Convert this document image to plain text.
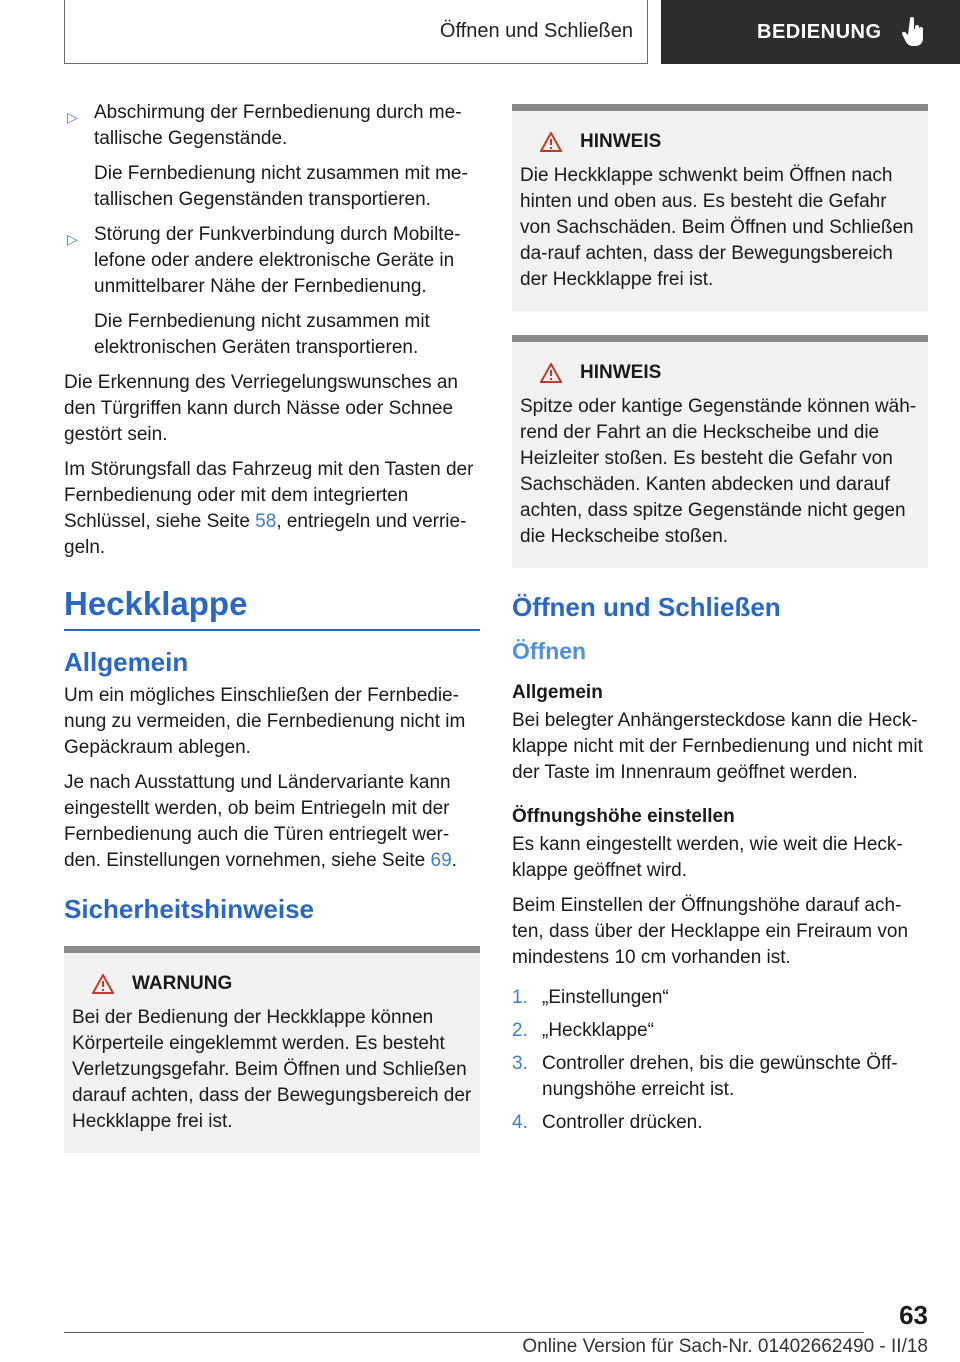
Öffnen und Schließen	BEDIENUNG
▷ Abschirmung der Fernbedienung durch me-tallische Gegenstände.

Die Fernbedienung nicht zusammen mit me-tallischen Gegenständen transportieren.

▷ Störung der Funkverbindung durch Mobilte-lefone oder andere elektronische Geräte in unmittelbarer Nähe der Fernbedienung.

Die Fernbedienung nicht zusammen mit elektronischen Geräten transportieren.

Die Erkennung des Verriegelungswunsches an den Türgriffen kann durch Nässe oder Schnee gestört sein.

Im Störungsfall das Fahrzeug mit den Tasten der Fernbedienung oder mit dem integrierten Schlüssel, siehe Seite 58, entriegeln und verrie-geln.

Heckklappe
Allgemein

Um ein mögliches Einschließen der Fernbedie-nung zu vermeiden, die Fernbedienung nicht im Gepäckraum ablegen.

Je nach Ausstattung und Ländervariante kann eingestellt werden, ob beim Entriegeln mit der Fernbedienung auch die Türen entriegelt wer-den. Einstellungen vornehmen, siehe Seite 69.

Sicherheitshinweise
WARNUNG

Bei der Bedienung der Heckklappe können Körperteile eingeklemmt werden. Es besteht Verletzungsgefahr. Beim Öffnen und Schließen darauf achten, dass der Bewegungsbereich der Heckklappe frei ist.

HINWEIS

Die Heckklappe schwenkt beim Öffnen nach hinten und oben aus. Es besteht die Gefahr von Sachschäden. Beim Öffnen und Schließen da-rauf achten, dass der Bewegungsbereich der Heckklappe frei ist.

HINWEIS

Spitze oder kantige Gegenstände können wäh-rend der Fahrt an die Heckscheibe und die Heizleiter stoßen. Es besteht die Gefahr von Sachschäden. Kanten abdecken und darauf achten, dass spitze Gegenstände nicht gegen die Heckscheibe stoßen.

Öffnen und Schließen
Öffnen
Allgemein

Bei belegter Anhängersteckdose kann die Heck-klappe nicht mit der Fernbedienung und nicht mit der Taste im Innenraum geöffnet werden.

Öffnungshöhe einstellen

Es kann eingestellt werden, wie weit die Heck-klappe geöffnet wird.

Beim Einstellen der Öffnungshöhe darauf ach-ten, dass über der Hecklappe ein Freiraum von mindestens 10 cm vorhanden ist.

1. „Einstellungen“
2. „Heckklappe“
3. Controller drehen, bis die gewünschte Öff-nungshöhe erreicht ist.
4. Controller drücken.
63
Online Version für Sach-Nr. 01402662490 - II/18
